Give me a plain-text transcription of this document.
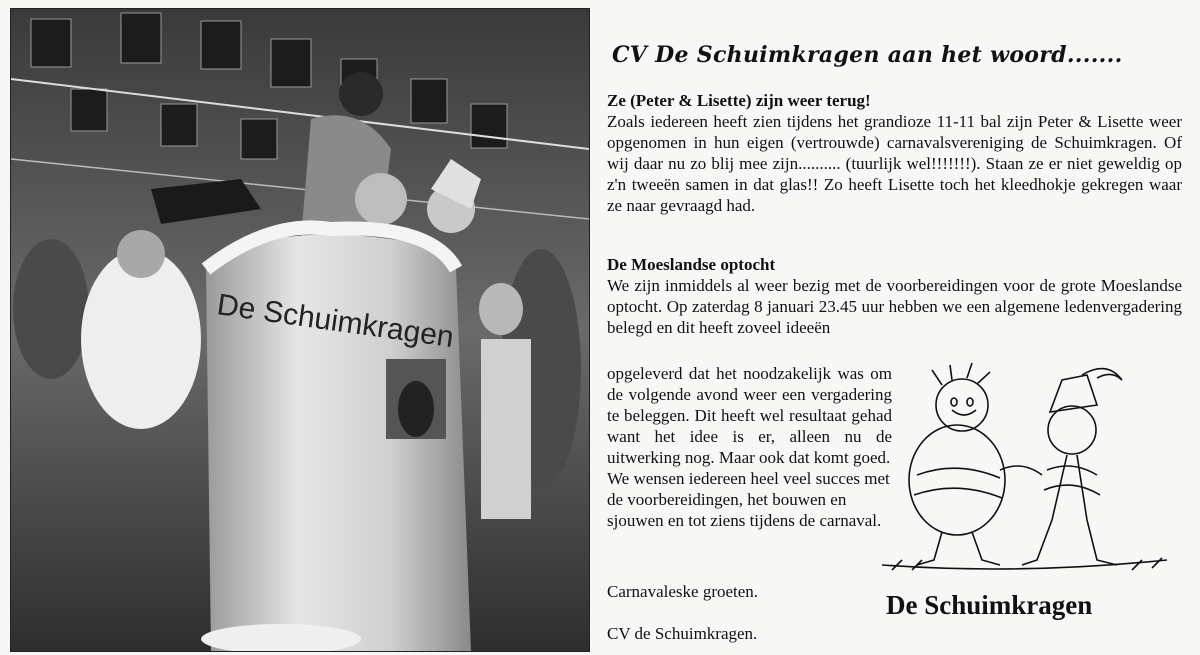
De Schuimkragen
CV De Schuimkragen aan het woord.......
Ze (Peter & Lisette) zijn weer terug!

Zoals iedereen heeft zien tijdens het grandioze 11-11 bal zijn Peter & Lisette weer opgenomen in hun eigen (vertrouwde) carnavalsvereniging de Schuimkragen. Of wij daar nu zo blij mee zijn.......... (tuurlijk wel!!!!!!!). Staan ze er niet geweldig op z'n tweeën samen in dat glas!! Zo heeft Lisette toch het kleedhokje gekregen waar ze naar gevraagd had.

De Moeslandse optocht

We zijn inmiddels al weer bezig met de voorbereidingen voor de grote Moeslandse optocht. Op zaterdag 8 januari 23.45 uur hebben we een algemene ledenvergadering belegd en dit heeft zoveel ideeën

opgeleverd dat het noodzakelijk was om de volgende avond weer een vergadering te beleggen. Dit heeft wel resultaat gehad want het idee is er, alleen nu de uitwerking nog. Maar ook dat komt goed.

We wensen iedereen heel veel succes met de voorbereidingen, het bouwen en sjouwen en tot ziens tijdens de carnaval.

Carnavaleske groeten.
CV de Schuimkragen.
De Schuimkragen
